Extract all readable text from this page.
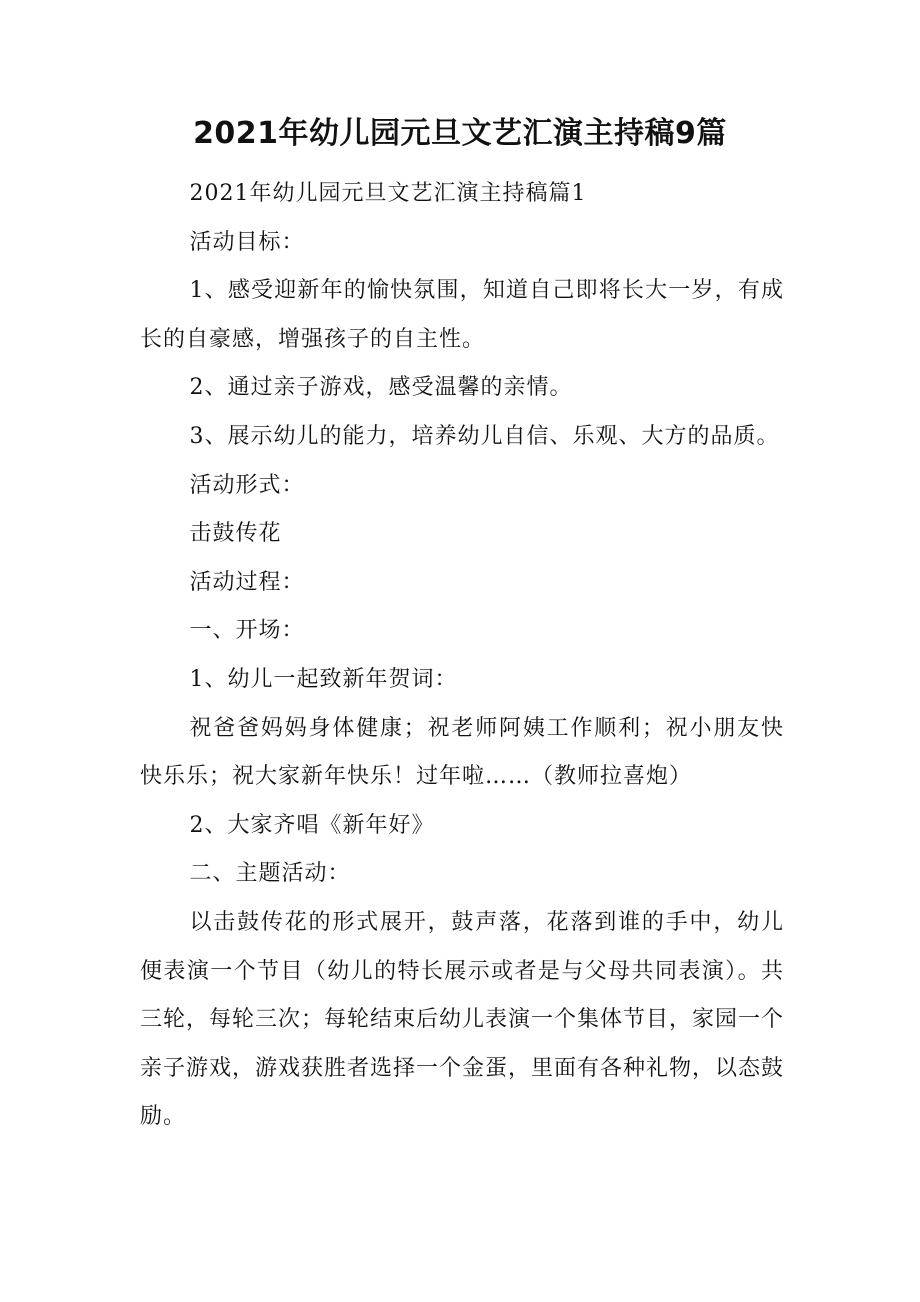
2021年幼儿园元旦文艺汇演主持稿9篇

2021年幼儿园元旦文艺汇演主持稿篇1

活动目标：

1、感受迎新年的愉快氛围，知道自己即将长大一岁，有成长的自豪感，增强孩子的自主性。

2、通过亲子游戏，感受温馨的亲情。

3、展示幼儿的能力，培养幼儿自信、乐观、大方的品质。

活动形式：

击鼓传花

活动过程：

一、开场：

1、幼儿一起致新年贺词：

祝爸爸妈妈身体健康；祝老师阿姨工作顺利；祝小朋友快快乐乐；祝大家新年快乐！过年啦……（教师拉喜炮）

2、大家齐唱《新年好》

二、主题活动：

以击鼓传花的形式展开，鼓声落，花落到谁的手中，幼儿便表演一个节目（幼儿的特长展示或者是与父母共同表演）。共三轮，每轮三次；每轮结束后幼儿表演一个集体节目，家园一个亲子游戏，游戏获胜者选择一个金蛋，里面有各种礼物，以态鼓励。
